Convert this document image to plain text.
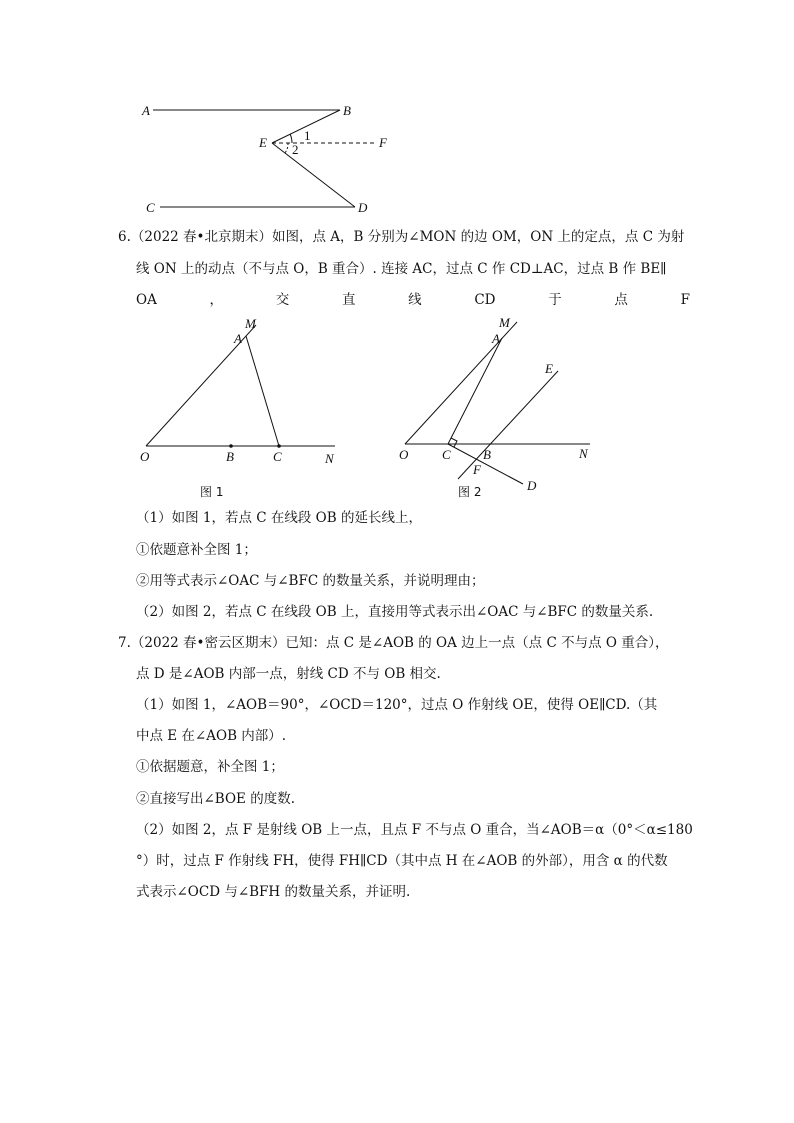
A	B
E	F
C	D
1
2
6.（2022 春•北京期末）如图，点 A，B 分别为∠MON 的边 OM，ON 上的定点，点 C 为射
线 ON 上的动点（不与点 O，B 重合）. 连接 AC，过点 C 作 CD⊥AC，过点 B 作 BE∥
OA	，	交	直	线	CD	于	点	F
M
A
O	B	C	N
图 1
M
A
E
O	C B	N
F
D
图 2
（1）如图 1，若点 C 在线段 OB 的延长线上，
①依题意补全图 1；
②用等式表示∠OAC 与∠BFC 的数量关系，并说明理由；
（2）如图 2，若点 C 在线段 OB 上，直接用等式表示出∠OAC 与∠BFC 的数量关系.
7.（2022 春•密云区期末）已知：点 C 是∠AOB 的 OA 边上一点（点 C 不与点 O 重合），
点 D 是∠AOB 内部一点，射线 CD 不与 OB 相交.
（1）如图 1，∠AOB＝90°，∠OCD＝120°，过点 O 作射线 OE，使得 OE∥CD.（其
中点 E 在∠AOB 内部）.
①依据题意，补全图 1；
②直接写出∠BOE 的度数.
（2）如图 2，点 F 是射线 OB 上一点，且点 F 不与点 O 重合，当∠AOB＝α（0°＜α≤180
°）时，过点 F 作射线 FH，使得 FH∥CD（其中点 H 在∠AOB 的外部），用含 α 的代数
式表示∠OCD 与∠BFH 的数量关系，并证明.
